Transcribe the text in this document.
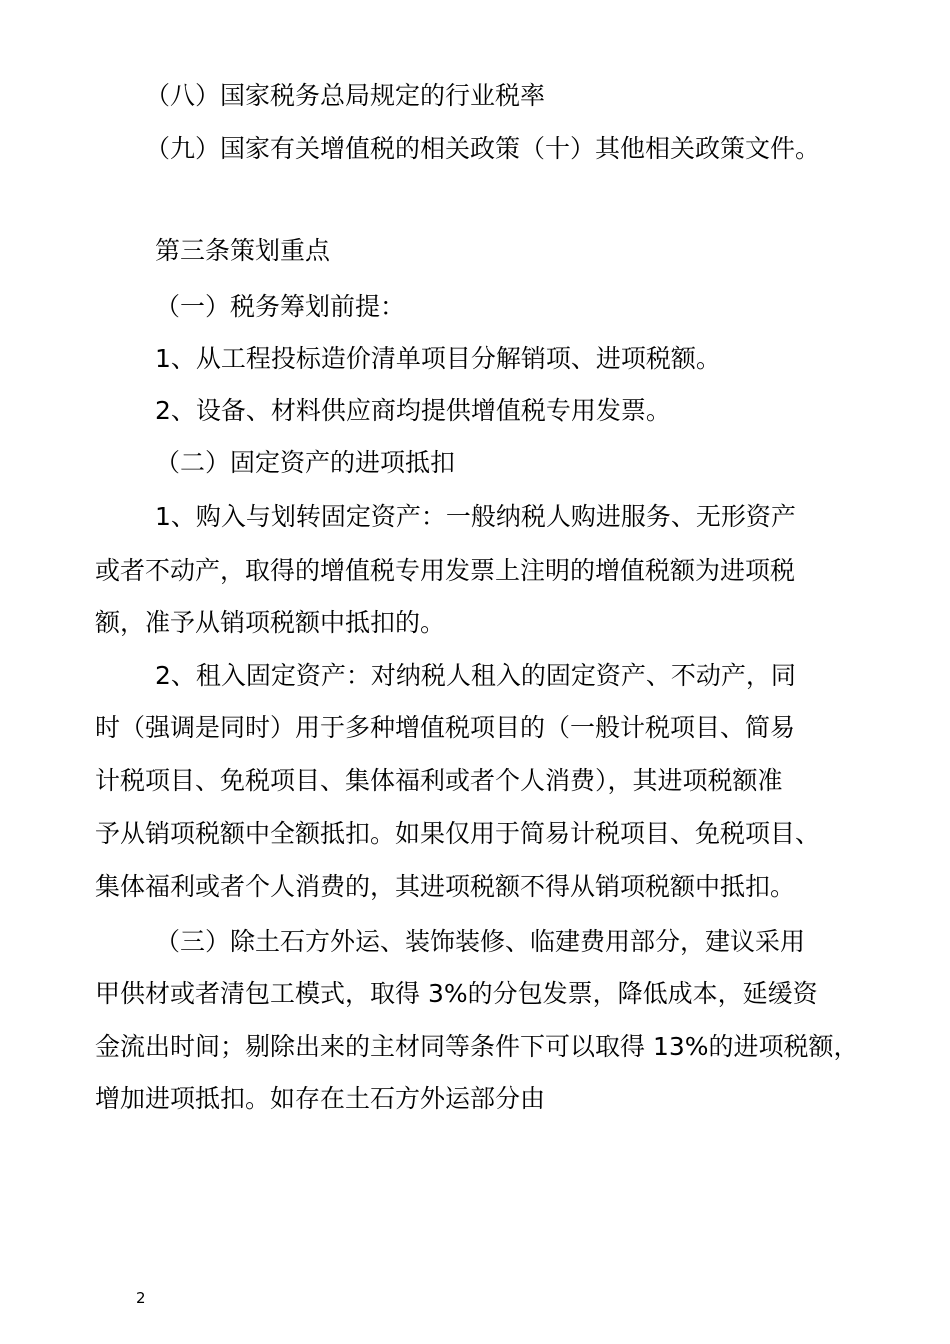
（八）国家税务总局规定的行业税率
（九）国家有关增值税的相关政策（十）其他相关政策文件。
第三条策划重点
（一）税务筹划前提：
1、从工程投标造价清单项目分解销项、进项税额。
2、设备、材料供应商均提供增值税专用发票。
（二）固定资产的进项抵扣
1、购入与划转固定资产：一般纳税人购进服务、无形资产
或者不动产，取得的增值税专用发票上注明的增值税额为进项税
额，准予从销项税额中抵扣的。
2、租入固定资产：对纳税人租入的固定资产、不动产，同
时（强调是同时）用于多种增值税项目的（一般计税项目、简易
计税项目、免税项目、集体福利或者个人消费），其进项税额准
予从销项税额中全额抵扣。如果仅用于简易计税项目、免税项目、
集体福利或者个人消费的，其进项税额不得从销项税额中抵扣。
（三）除土石方外运、装饰装修、临建费用部分，建议采用
甲供材或者清包工模式，取得 3%的分包发票，降低成本，延缓资
金流出时间；剔除出来的主材同等条件下可以取得 13%的进项税额，
增加进项抵扣。如存在土石方外运部分由
2
